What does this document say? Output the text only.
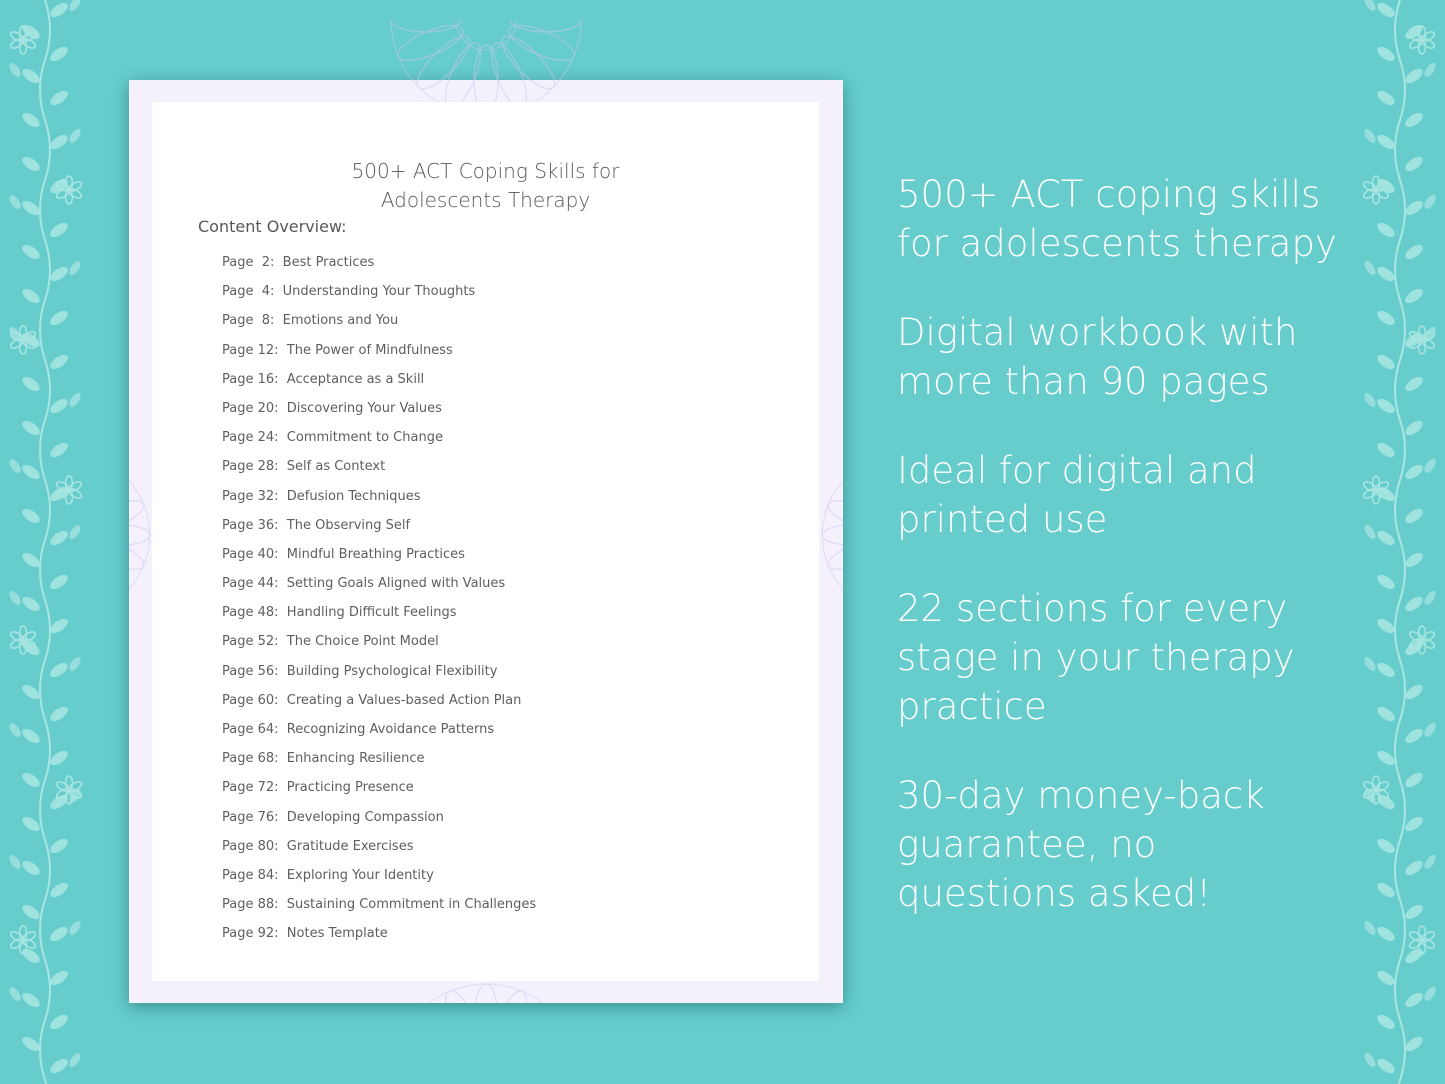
500+ ACT Coping Skills for
Adolescents Therapy
Content Overview:
Page  2:  Best Practices
Page  4:  Understanding Your Thoughts
Page  8:  Emotions and You
Page 12:  The Power of Mindfulness
Page 16:  Acceptance as a Skill
Page 20:  Discovering Your Values
Page 24:  Commitment to Change
Page 28:  Self as Context
Page 32:  Defusion Techniques
Page 36:  The Observing Self
Page 40:  Mindful Breathing Practices
Page 44:  Setting Goals Aligned with Values
Page 48:  Handling Difficult Feelings
Page 52:  The Choice Point Model
Page 56:  Building Psychological Flexibility
Page 60:  Creating a Values-based Action Plan
Page 64:  Recognizing Avoidance Patterns
Page 68:  Enhancing Resilience
Page 72:  Practicing Presence
Page 76:  Developing Compassion
Page 80:  Gratitude Exercises
Page 84:  Exploring Your Identity
Page 88:  Sustaining Commitment in Challenges
Page 92:  Notes Template
500+ ACT coping skills
for adolescents therapy
Digital workbook with
more than 90 pages
Ideal for digital and
printed use
22 sections for every
stage in your therapy
practice
30-day money-back
guarantee, no
questions asked!
